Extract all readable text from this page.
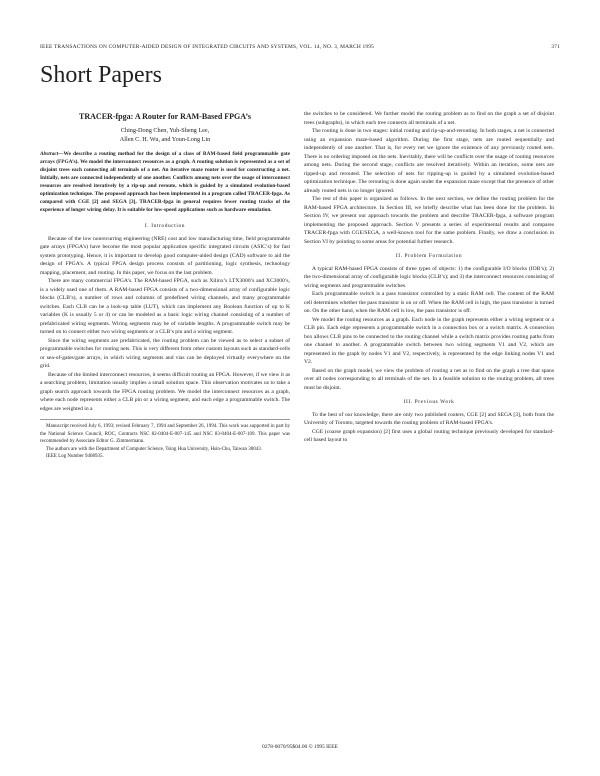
IEEE TRANSACTIONS ON COMPUTER-AIDED DESIGN OF INTEGRATED CIRCUITS AND SYSTEMS, VOL. 14, NO. 3, MARCH 1995	371
Short Papers
TRACER-fpga: A Router for RAM-Based FPGA’s
Ching-Dong Chen, Yuh-Sheng Lee,
Allen C. H. Wu, and Youn-Long Lin
Abstract—We describe a routing method for the design of a class of RAM-based field programmable gate arrays (FPGA’s). We model the interconnect resources as a graph. A routing solution is represented as a set of disjoint trees each connecting all terminals of a net. An iterative maze router is used for constructing a net. Initially, nets are connected independently of one another. Conflicts among nets over the usage of interconnect resources are resolved iteratively by a rip-up and reroute, which is guided by a simulated evolution-based optimization technique. The proposed approach has been implemented in a program called TRACER-fpga. As compared with CGE [2] and SEGA [3], TRACER-fpga in general requires fewer routing tracks of the experience of longer wiring delay. It is suitable for low-speed applications such as hardware emulation.
I. Introduction

Because of the low nonrecurring engineering (NRE) cost and low manufacturing time, field programmable gate arrays (FPGA’s) have become the most popular application specific integrated circuits (ASIC’s) for fast system prototyping. Hence, it is important to develop good computer-aided design (CAD) software to aid the design of FPGA’s. A typical FPGA design process consists of partitioning, logic synthesis, technology mapping, placement, and routing. In this paper, we focus on the last problem.

There are many commercial FPGA’s. The RAM-based FPGA, such as Xilinx’s LTX3000’s and XC3000’s, is a widely used one of them. A RAM-based FPGA consists of a two-dimensional array of configurable logic blocks (CLB’s), a number of rows and columns of predefined wiring channels, and many programmable switches. Each CLB can be a look-up table (LUT), which can implement any Boolean function of up to K variables (K is usually 5 or 4) or can be modeled as a basic logic wiring channel consisting of a number of prefabricated wiring segments. Wiring segments may be of variable lengths. A programmable switch may be turned on to connect either two wiring segments or a CLB’s pin and a wiring segment.

Since the wiring segments are prefabricated, the routing problem can be viewed as to select a subset of programmable switches for routing nets. This is very different from other custom layouts such as standard-cells or sea-of-gates/gate arrays, in which wiring segments and vias can be deployed virtually everywhere on the grid.

Because of the limited interconnect resources, it seems difficult routing an FPGA. However, if we view it as a searching problem, limitation usually implies a small solution space. This observation motivates us to take a graph search approach towards the FPGA routing problem. We model the interconnect resources as a graph, where each node represents either a CLB pin or a wiring segment, and each edge a programmable switch. The edges are weighted in a

Manuscript received July 6, 1993; revised February 7, 1994 and September 26, 1994. This work was supported in part by the National Science Council, ROC, Contracts NSC 82-0404-E-007-145 and NSC 83-0404-E-007-109. This paper was recommended by Associate Editor G. Zimmermann.

The authors are with the Department of Computer Science, Tsing Hua University, Hsin-Chu, Taiwan 30043.

IEEE Log Number 9408935.

the switches to be considered. We further model the routing problem as to find on the graph a set of disjoint trees (subgraphs), in which each tree connects all terminals of a net.

The routing is done in two stages: initial routing and rip-up-and-rerouting. In both stages, a net is connected using an expansion maze-based algorithm. During the first stage, nets are routed sequentially and independently of one another. That is, for every net we ignore the existence of any previously routed nets. There is no ordering imposed on the nets. Inevitably, there will be conflicts over the usage of routing resources among nets. During the second stage, conflicts are resolved iteratively. Within an iteration, some nets are ripped-up and rerouted. The selection of nets for ripping-up is guided by a simulated evolution-based optimization technique. The rerouting is done again under the expansion maze except that the presence of other already routed nets is no longer ignored.

The rest of this paper is organized as follows. In the next section, we define the routing problem for the RAM-based FPGA architecture. In Section III, we briefly describe what has been done for the problem. In Section IV, we present our approach towards the problem and describe TRACER-fpga, a software program implementing the proposed approach. Section V presents a series of experimental results and compares TRACER-fpga with CGE/SEGA, a well-known tool for the same problem. Finally, we draw a conclusion in Section VI by pointing to some areas for potential further research.

II. Problem Formulation

A typical RAM-based FPGA consists of three types of objects: 1) the configurable I/O blocks (IOB’s); 2) the two-dimensional array of configurable logic blocks (CLB’s); and 3) the interconnect resources consisting of wiring segments and programmable switches.

Each programmable switch is a pass transistor controlled by a static RAM cell. The content of the RAM cell determines whether the pass transistor is on or off. When the RAM cell is high, the pass transistor is turned on. On the other hand, when the RAM cell is low, the pass transistor is off.

We model the routing resources as a graph. Each node in the graph represents either a wiring segment or a CLB pin. Each edge represents a programmable switch in a connection box or a switch matrix. A connection box allows CLB pins to be connected to the routing channel while a switch matrix provides routing paths from one channel to another. A programmable switch between two wiring segments V1 and V2, which are represented in the graph by nodes V1 and V2, respectively, is represented by the edge linking nodes V1 and V2.

Based on the graph model, we view the problem of routing a net as to find on the graph a tree that spans over all nodes corresponding to all terminals of the net. In a feasible solution to the routing problem, all trees must be disjoint.

III. Previous Work

To the best of our knowledge, there are only two published routers, CGE [2] and SEGA [3], both from the University of Toronto, targeted towards the routing problem of RAM-based FPGA’s.

CGE (coarse graph expansion) [2] first uses a global routing technique previously developed for standard-cell based layout to

0278-0070/95$04.00 © 1995 IEEE
